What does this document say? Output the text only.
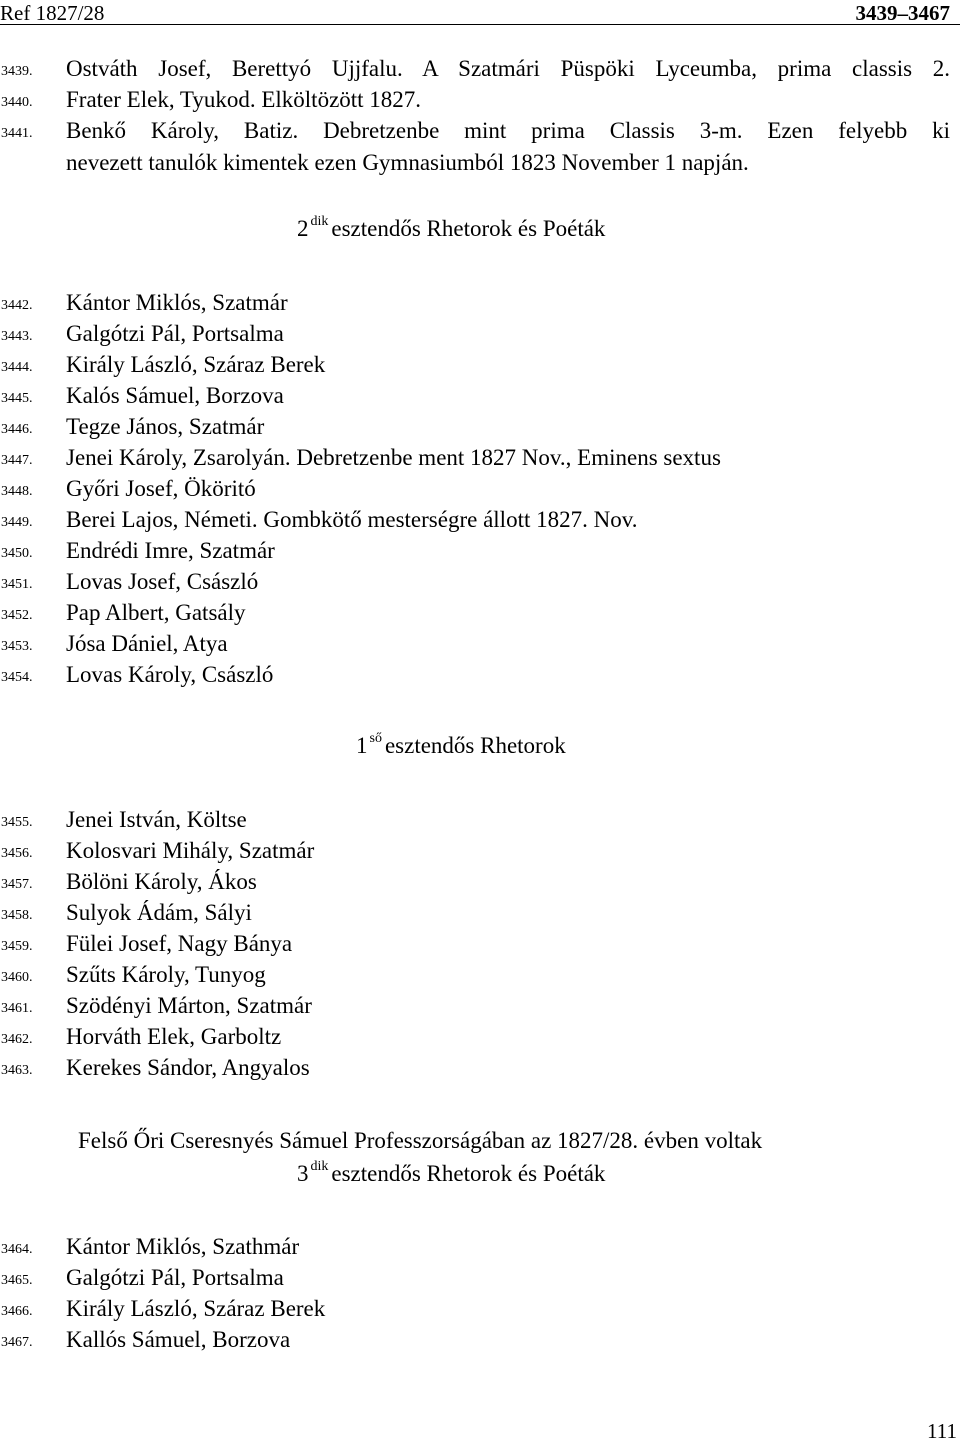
Ref 1827/28	3439–3467
3439. Ostváth Josef, Berettyó Ujjfalu. A Szatmári Püspöki Lyceumba, prima classis 2.
3440. Frater Elek, Tyukod. Elköltözött 1827.
3441. Benkő Károly, Batiz. Debretzenbe mint prima Classis 3-m. Ezen felyebb ki
nevezett tanulók kimentek ezen Gymnasiumból 1823 November 1 napján.
2 $^{dik}$ esztendős Rhetorok és Poéták
3442. Kántor Miklós, Szatmár
3443. Galgótzi Pál, Portsalma
3444. Király László, Száraz Berek
3445. Kalós Sámuel, Borzova
3446. Tegze János, Szatmár
3447. Jenei Károly, Zsarolyán. Debretzenbe ment 1827 Nov., Eminens sextus
3448. Győri Josef, Ököritó
3449. Berei Lajos, Németi. Gombkötő mesterségre állott 1827. Nov.
3450. Endrédi Imre, Szatmár
3451. Lovas Josef, Császló
3452. Pap Albert, Gatsály
3453. Jósa Dániel, Atya
3454. Lovas Károly, Császló
1 $^{ső}$ esztendős Rhetorok
3455. Jenei István, Költse
3456. Kolosvari Mihály, Szatmár
3457. Bölöni Károly, Ákos
3458. Sulyok Ádám, Sályi
3459. Fülei Josef, Nagy Bánya
3460. Szűts Károly, Tunyog
3461. Szödényi Márton, Szatmár
3462. Horváth Elek, Garboltz
3463. Kerekes Sándor, Angyalos
Felső Őri Cseresnyés Sámuel Professzorságában az 1827/28. évben voltak
3 $^{dik}$ esztendős Rhetorok és Poéták
3464. Kántor Miklós, Szathmár
3465. Galgótzi Pál, Portsalma
3466. Király László, Száraz Berek
3467. Kallós Sámuel, Borzova
111
